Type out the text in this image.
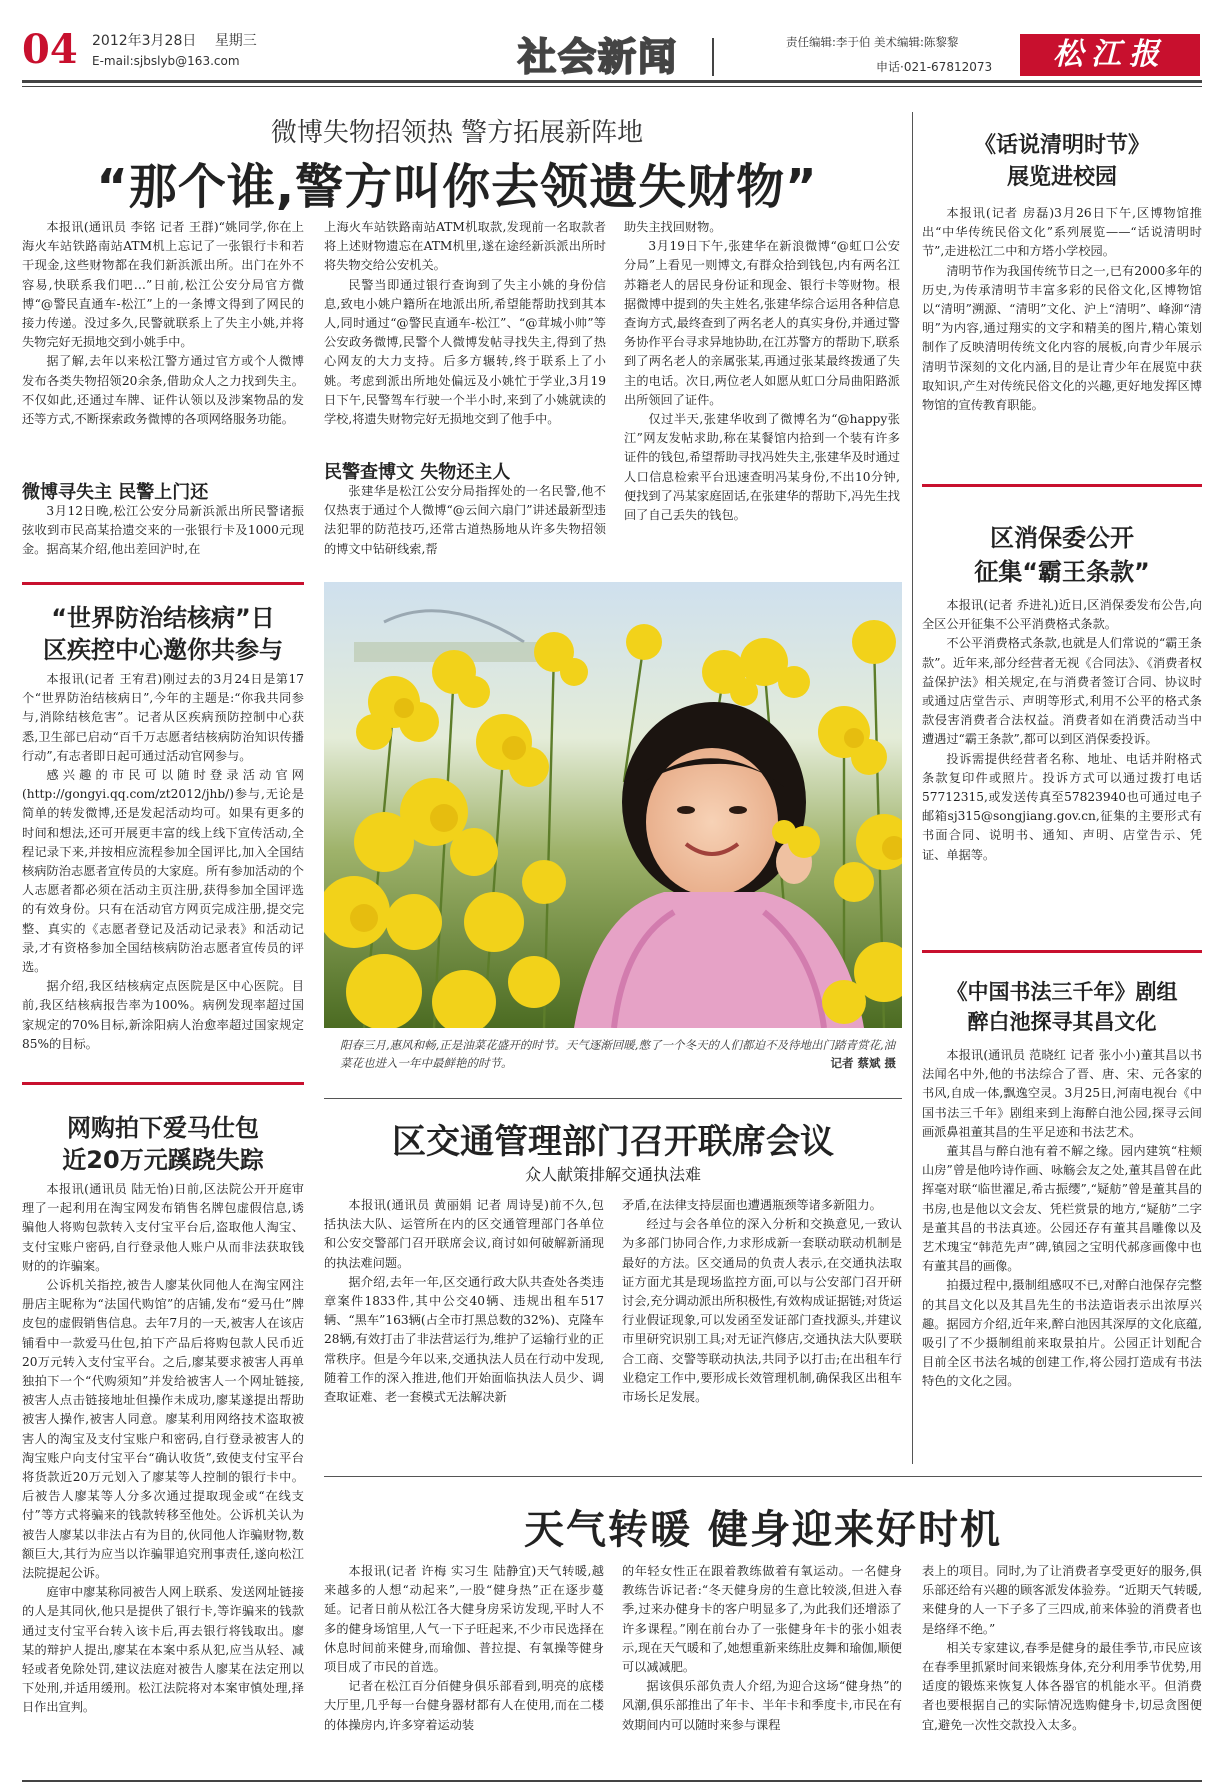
04 2012年3月28日 星期三
E-mail:sjbslyb@163.com	社会新闻	责任编辑:李于伯 美术编辑:陈黎黎
申话·021-67812073	松江报
微博失物招领热 警方拓展新阵地
“那个谁,警方叫你去领遗失财物”

本报讯(通讯员 李铭 记者 王群)“姚同学,你在上海火车站铁路南站ATM机上忘记了一张银行卡和若干现金,这些财物都在我们新浜派出所。出门在外不容易,快联系我们吧…”日前,松江公安分局官方微博“@警民直通车-松江”上的一条博文得到了网民的接力传递。没过多久,民警就联系上了失主小姚,并将失物完好无损地交到小姚手中。

据了解,去年以来松江警方通过官方或个人微博发布各类失物招领20余条,借助众人之力找到失主。不仅如此,还通过车牌、证件认领以及涉案物品的发还等方式,不断探索政务微博的各项网络服务功能。

微博寻失主 民警上门还

3月12日晚,松江公安分局新浜派出所民警诸振弦收到市民高某拾遗交来的一张银行卡及1000元现金。据高某介绍,他出差回沪时,在

上海火车站铁路南站ATM机取款,发现前一名取款者将上述财物遗忘在ATM机里,遂在途经新浜派出所时将失物交给公安机关。

民警当即通过银行查询到了失主小姚的身份信息,致电小姚户籍所在地派出所,希望能帮助找到其本人,同时通过“@警民直通车-松江”、“@茸城小帅”等公安政务微博,民警个人微博发帖寻找失主,得到了热心网友的大力支持。后多方辗转,终于联系上了小姚。考虑到派出所地处偏远及小姚忙于学业,3月19日下午,民警驾车行驶一个半小时,来到了小姚就读的学校,将遗失财物完好无损地交到了他手中。

民警查博文 失物还主人

张建华是松江公安分局指挥处的一名民警,他不仅热衷于通过个人微博“@云间六扇门”讲述最新型违法犯罪的防范技巧,还常古道热肠地从许多失物招领的博文中钻研线索,帮

助失主找回财物。

3月19日下午,张建华在新浪微博“@虹口公安分局”上看见一则博文,有群众拾到钱包,内有两名江苏籍老人的居民身份证和现金、银行卡等财物。根据微博中提到的失主姓名,张建华综合运用各种信息查询方式,最终查到了两名老人的真实身份,并通过警务协作平台寻求异地协助,在江苏警方的帮助下,联系到了两名老人的亲属张某,再通过张某最终拨通了失主的电话。次日,两位老人如愿从虹口分局曲阳路派出所领回了证件。

仅过半天,张建华收到了微博名为“@happy张江”网友发帖求助,称在某餐馆内拾到一个装有许多证件的钱包,希望帮助寻找冯姓失主,张建华及时通过人口信息检索平台迅速查明冯某身份,不出10分钟,便找到了冯某家庭固话,在张建华的帮助下,冯先生找回了自己丢失的钱包。

阳春三月,惠风和畅,正是油菜花盛开的时节。天气逐渐回暖,憋了一个冬天的人们都迫不及待地出门踏青赏花,油菜花也进入一年中最鲜艳的时节。	记者 蔡斌 摄
“世界防治结核病”日
区疾控中心邀你共参与

本报讯(记者 王宥君)刚过去的3月24日是第17个“世界防治结核病日”,今年的主题是:“你我共同参与,消除结核危害”。记者从区疾病预防控制中心获悉,卫生部已启动“百千万志愿者结核病防治知识传播行动”,有志者即日起可通过活动官网参与。

感兴趣的市民可以随时登录活动官网(http://gongyi.qq.com/zt2012/jhb/)参与,无论是简单的转发微博,还是发起活动均可。如果有更多的时间和想法,还可开展更丰富的线上线下宣传活动,全程记录下来,并按相应流程参加全国评比,加入全国结核病防治志愿者宣传员的大家庭。所有参加活动的个人志愿者都必须在活动主页注册,获得参加全国评选的有效身份。只有在活动官方网页完成注册,提交完整、真实的《志愿者登记及活动记录表》和活动记录,才有资格参加全国结核病防治志愿者宣传员的评选。

据介绍,我区结核病定点医院是区中心医院。目前,我区结核病报告率为100%。病例发现率超过国家规定的70%目标,新涂阳病人治愈率超过国家规定85%的目标。

网购拍下爱马仕包
近20万元蹊跷失踪

本报讯(通讯员 陆无怡)日前,区法院公开开庭审理了一起利用在淘宝网发布销售名牌包虚假信息,诱骗他人将购包款转入支付宝平台后,盗取他人淘宝、支付宝账户密码,自行登录他人账户从而非法获取钱财的的诈骗案。

公诉机关指控,被告人廖某伙同他人在淘宝网注册店主昵称为“法国代购馆”的店铺,发布“爱马仕”牌皮包的虚假销售信息。去年7月的一天,被害人在该店铺看中一款爱马仕包,拍下产品后将购包款人民币近20万元转入支付宝平台。之后,廖某要求被害人再单独拍下一个“代购须知”并发给被害人一个网址链接,被害人点击链接地址但操作未成功,廖某遂提出帮助被害人操作,被害人同意。廖某利用网络技术盗取被害人的淘宝及支付宝账户和密码,自行登录被害人的淘宝账户向支付宝平台“确认收货”,致使支付宝平台将货款近20万元划入了廖某等人控制的银行卡中。后被告人廖某等人分多次通过提取现金或“在线支付”等方式将骗来的钱款转移至他处。公诉机关认为被告人廖某以非法占有为目的,伙同他人诈骗财物,数额巨大,其行为应当以诈骗罪追究刑事责任,遂向松江法院提起公诉。

庭审中廖某称同被告人网上联系、发送网址链接的人是其同伙,他只是提供了银行卡,等诈骗来的钱款通过支付宝平台转入该卡后,再去银行将钱取出。廖某的辩护人提出,廖某在本案中系从犯,应当从轻、减轻或者免除处罚,建议法庭对被告人廖某在法定刑以下处刑,并适用缓刑。松江法院将对本案审慎处理,择日作出宣判。

区交通管理部门召开联席会议
众人献策排解交通执法难

本报讯(通讯员 黄丽娟 记者 周诗旻)前不久,包括执法大队、运管所在内的区交通管理部门各单位和公安交警部门召开联席会议,商讨如何破解新涌现的执法难问题。

据介绍,去年一年,区交通行政大队共查处各类违章案件1833件,其中公交40辆、违规出租车517辆、“黑车”163辆(占全市打黑总数的32%)、克隆车28辆,有效打击了非法营运行为,维护了运输行业的正常秩序。但是今年以来,交通执法人员在行动中发现,随着工作的深入推进,他们开始面临执法人员少、调查取证难、老一套模式无法解决新

矛盾,在法律支持层面也遭遇瓶颈等诸多新阻力。

经过与会各单位的深入分析和交换意见,一致认为多部门协同合作,力求形成新一套联动联动机制是最好的方法。区交通局的负责人表示,在交通执法取证方面尤其是现场监控方面,可以与公安部门召开研讨会,充分调动派出所积极性,有效构成证据链;对货运行业假证现象,可以发函至发证部门查找源头,并建议市里研究识别工具;对无证汽修店,交通执法大队要联合工商、交警等联动执法,共同予以打击;在出租车行业稳定工作中,要形成长效管理机制,确保我区出租车市场长足发展。

天气转暖 健身迎来好时机

本报讯(记者 许梅 实习生 陆静宜)天气转暖,越来越多的人想“动起来”,一股“健身热”正在逐步蔓延。记者日前从松江各大健身房采访发现,平时人不多的健身场馆里,人气一下子旺起来,不少市民选择在休息时间前来健身,而瑜伽、普拉提、有氧操等健身项目成了市民的首选。

记者在松江百分佰健身俱乐部看到,明亮的底楼大厅里,几乎每一台健身器材都有人在使用,而在二楼的体操房内,许多穿着运动装

的年轻女性正在跟着教练做着有氧运动。一名健身教练告诉记者:“冬天健身房的生意比较淡,但进入春季,过来办健身卡的客户明显多了,为此我们还增添了许多课程。”刚在前台办了一张健身年卡的张小姐表示,现在天气暖和了,她想重新来练肚皮舞和瑜伽,顺便可以减减肥。

据该俱乐部负责人介绍,为迎合这场“健身热”的风潮,俱乐部推出了年卡、半年卡和季度卡,市民在有效期间内可以随时来参与课程

表上的项目。同时,为了让消费者享受更好的服务,俱乐部还给有兴趣的顾客派发体验券。“近期天气转暖,来健身的人一下子多了三四成,前来体验的消费者也是络绎不绝。”

相关专家建议,春季是健身的最佳季节,市民应该在春季里抓紧时间来锻炼身体,充分利用季节优势,用适度的锻炼来恢复人体各器官的机能水平。但消费者也要根据自己的实际情况选购健身卡,切忌贪图便宜,避免一次性交款投入太多。

《话说清明时节》
展览进校园

本报讯(记者 房磊)3月26日下午,区博物馆推出“中华传统民俗文化”系列展览——“话说清明时节”,走进松江二中和方塔小学校园。

清明节作为我国传统节日之一,已有2000多年的历史,为传承清明节丰富多彩的民俗文化,区博物馆以“清明”溯源、“清明”文化、沪上“清明”、峰泖“清明”为内容,通过翔实的文字和精美的图片,精心策划制作了反映清明传统文化内容的展板,向青少年展示清明节深刻的文化内涵,目的是让青少年在展览中获取知识,产生对传统民俗文化的兴趣,更好地发挥区博物馆的宣传教育职能。

区消保委公开
征集“霸王条款”

本报讯(记者 乔进礼)近日,区消保委发布公告,向全区公开征集不公平消费格式条款。

不公平消费格式条款,也就是人们常说的“霸王条款”。近年来,部分经营者无视《合同法》、《消费者权益保护法》相关规定,在与消费者签订合同、协议时或通过店堂告示、声明等形式,利用不公平的格式条款侵害消费者合法权益。消费者如在消费活动当中遭遇过“霸王条款”,都可以到区消保委投诉。

投诉需提供经营者名称、地址、电话并附格式条款复印件或照片。投诉方式可以通过拨打电话57712315,或发送传真至57823940也可通过电子邮箱sj315@songjiang.gov.cn,征集的主要形式有书面合同、说明书、通知、声明、店堂告示、凭证、单据等。

《中国书法三千年》剧组
醉白池探寻其昌文化

本报讯(通讯员 范晓红 记者 张小小)董其昌以书法闻名中外,他的书法综合了晋、唐、宋、元各家的书风,自成一体,飘逸空灵。3月25日,河南电视台《中国书法三千年》剧组来到上海醉白池公园,探寻云间画派鼻祖董其昌的生平足迹和书法艺术。

董其昌与醉白池有着不解之缘。园内建筑“柱颊山房”曾是他吟诗作画、咏觞会友之处,董其昌曾在此挥毫对联“临世濯足,希古振缨”,“疑舫”曾是董其昌的书房,也是他以文会友、凭栏赏景的地方,“疑舫”二字是董其昌的书法真迹。公园还存有董其昌雕像以及艺术瑰宝“韩范先声”碑,镇园之宝明代郝彦画像中也有董其昌的画像。

拍摄过程中,摄制组感叹不已,对醉白池保存完整的其昌文化以及其昌先生的书法造诣表示出浓厚兴趣。据园方介绍,近年来,醉白池因其深厚的文化底蕴,吸引了不少摄制组前来取景拍片。公园正计划配合目前全区书法名城的创建工作,将公园打造成有书法特色的文化之园。
